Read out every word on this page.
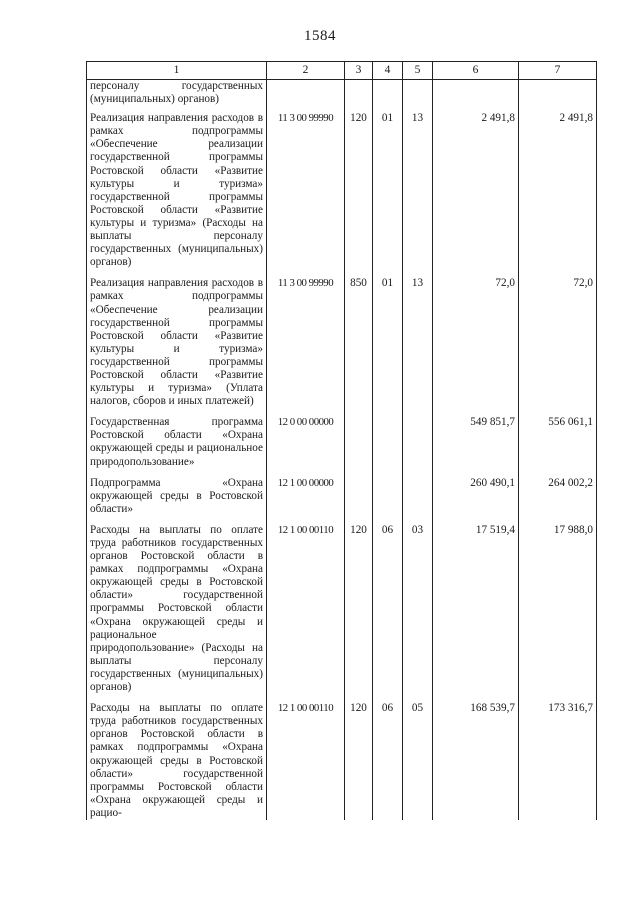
1584
1	2	3	4	5	6	7
персоналу государственных (муниципальных) органов)						
Реализация направления расходов в рамках подпрограммы «Обеспечение реализации государственной программы Ростовской области «Развитие культуры и туризма» государственной программы Ростовской области «Развитие культуры и туризма» (Расходы на выплаты персоналу государственных (муниципальных) органов)	11 3 00 99990	120	01	13	2 491,8	2 491,8
Реализация направления расходов в рамках подпрограммы «Обеспечение реализации государственной программы Ростовской области «Развитие культуры и туризма» государственной программы Ростовской области «Развитие культуры и туризма» (Уплата налогов, сборов и иных платежей)	11 3 00 99990	850	01	13	72,0	72,0
Государственная программа Ростовской области «Охрана окружающей среды и рациональное природопользование»	12 0 00 00000				549 851,7	556 061,1
Подпрограмма «Охрана окружающей среды в Ростовской области»	12 1 00 00000				260 490,1	264 002,2
Расходы на выплаты по оплате труда работников государственных органов Ростовской области в рамках подпрограммы «Охрана окружающей среды в Ростовской области» государственной программы Ростовской области «Охрана окружающей среды и рациональное природопользование» (Расходы на выплаты персоналу государственных (муниципальных) органов)	12 1 00 00110	120	06	03	17 519,4	17 988,0
Расходы на выплаты по оплате труда работников государственных органов Ростовской области в рамках подпрограммы «Охрана окружающей среды в Ростовской области» государственной программы Ростовской области «Охрана окружающей среды и рацио-	12 1 00 00110	120	06	05	168 539,7	173 316,7
